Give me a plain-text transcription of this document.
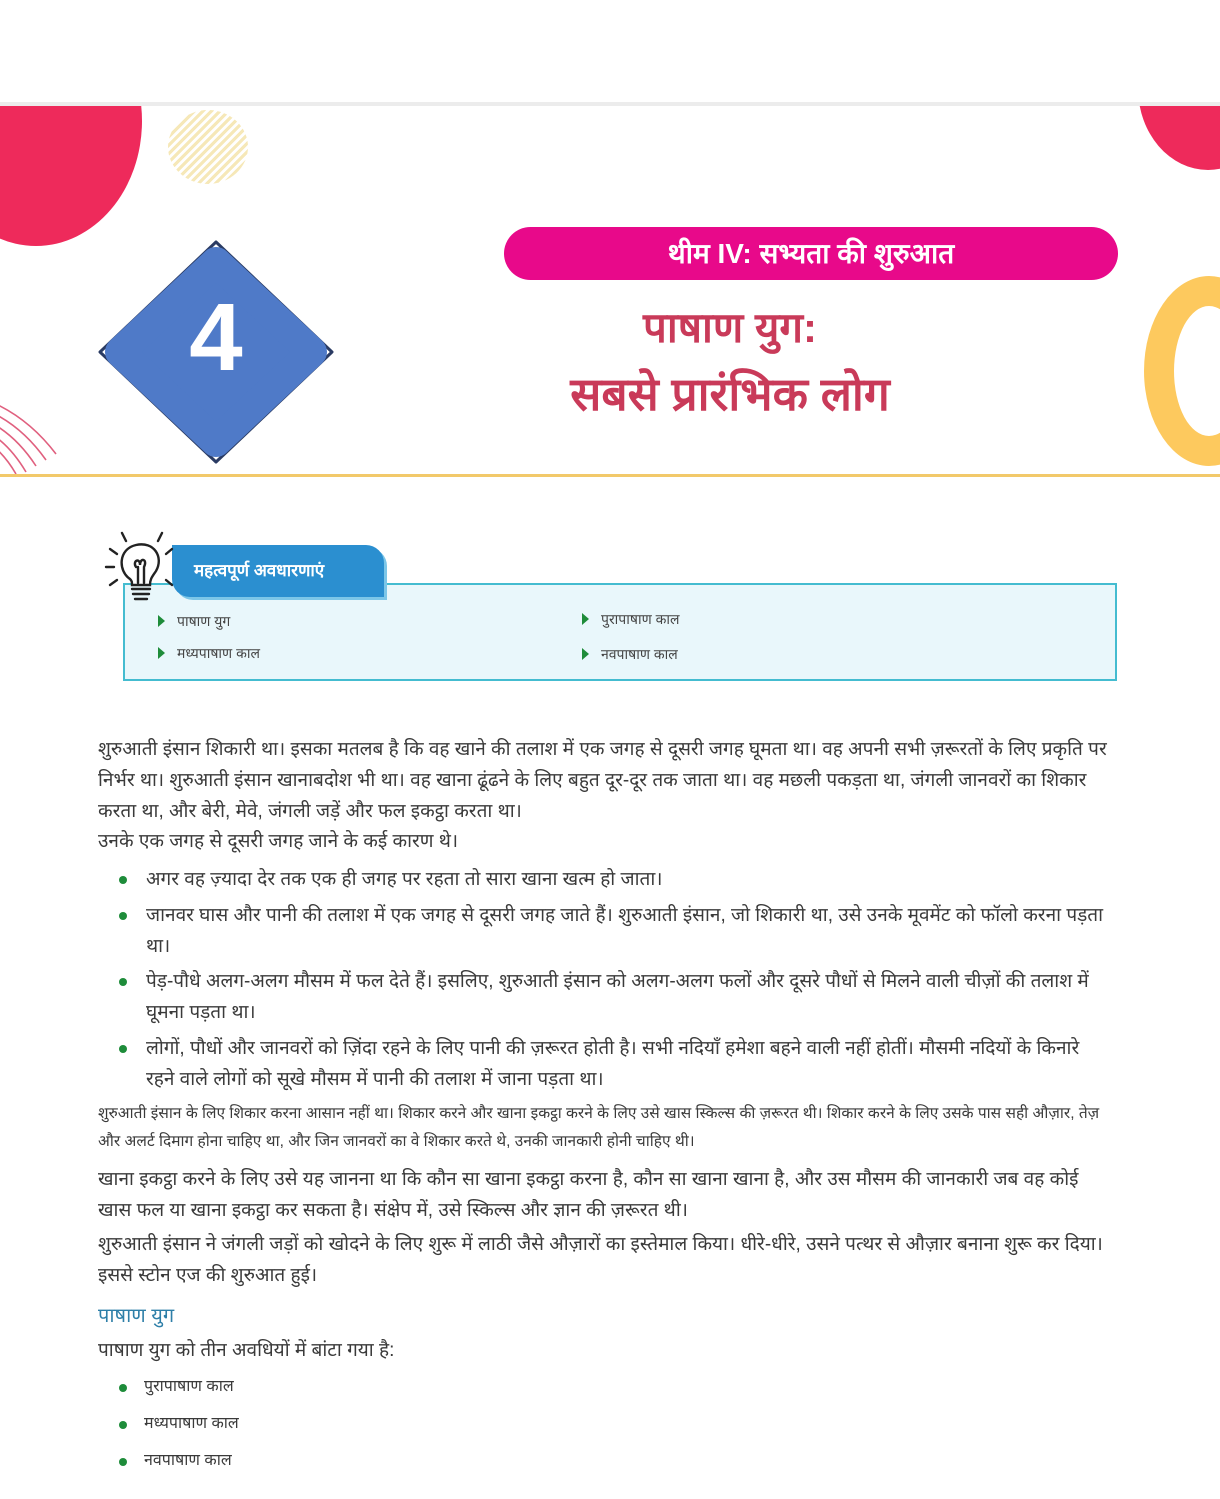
4
थीम IV: सभ्यता की शुरुआत
पाषाण युग:
सबसे प्रारंभिक लोग
महत्वपूर्ण अवधारणाएं
पाषाण युग	पुरापाषाण काल
मध्यपाषाण काल	नवपाषाण काल

शुरुआती इंसान शिकारी था। इसका मतलब है कि वह खाने की तलाश में एक जगह से दूसरी जगह घूमता था। वह अपनी सभी ज़रूरतों के लिए प्रकृति पर निर्भर था। शुरुआती इंसान खानाबदोश भी था। वह खाना ढूंढने के लिए बहुत दूर-दूर तक जाता था। वह मछली पकड़ता था, जंगली जानवरों का शिकार करता था, और बेरी, मेवे, जंगली जड़ें और फल इकट्ठा करता था।

उनके एक जगह से दूसरी जगह जाने के कई कारण थे।

अगर वह ज़्यादा देर तक एक ही जगह पर रहता तो सारा खाना खत्म हो जाता।
जानवर घास और पानी की तलाश में एक जगह से दूसरी जगह जाते हैं। शुरुआती इंसान, जो शिकारी था, उसे उनके मूवमेंट को फॉलो करना पड़ता था।
पेड़-पौधे अलग-अलग मौसम में फल देते हैं। इसलिए, शुरुआती इंसान को अलग-अलग फलों और दूसरे पौधों से मिलने वाली चीज़ों की तलाश में घूमना पड़ता था।
लोगों, पौधों और जानवरों को ज़िंदा रहने के लिए पानी की ज़रूरत होती है। सभी नदियाँ हमेशा बहने वाली नहीं होतीं। मौसमी नदियों के किनारे रहने वाले लोगों को सूखे मौसम में पानी की तलाश में जाना पड़ता था।

शुरुआती इंसान के लिए शिकार करना आसान नहीं था। शिकार करने और खाना इकट्ठा करने के लिए उसे खास स्किल्स की ज़रूरत थी। शिकार करने के लिए उसके पास सही औज़ार, तेज़ और अलर्ट दिमाग होना चाहिए था, और जिन जानवरों का वे शिकार करते थे, उनकी जानकारी होनी चाहिए थी।

खाना इकट्ठा करने के लिए उसे यह जानना था कि कौन सा खाना इकट्ठा करना है, कौन सा खाना खाना है, और उस मौसम की जानकारी जब वह कोई खास फल या खाना इकट्ठा कर सकता है। संक्षेप में, उसे स्किल्स और ज्ञान की ज़रूरत थी।

शुरुआती इंसान ने जंगली जड़ों को खोदने के लिए शुरू में लाठी जैसे औज़ारों का इस्तेमाल किया। धीरे-धीरे, उसने पत्थर से औज़ार बनाना शुरू कर दिया। इससे स्टोन एज की शुरुआत हुई।

पाषाण युग

पाषाण युग को तीन अवधियों में बांटा गया है:

पुरापाषाण काल
मध्यपाषाण काल
नवपाषाण काल
